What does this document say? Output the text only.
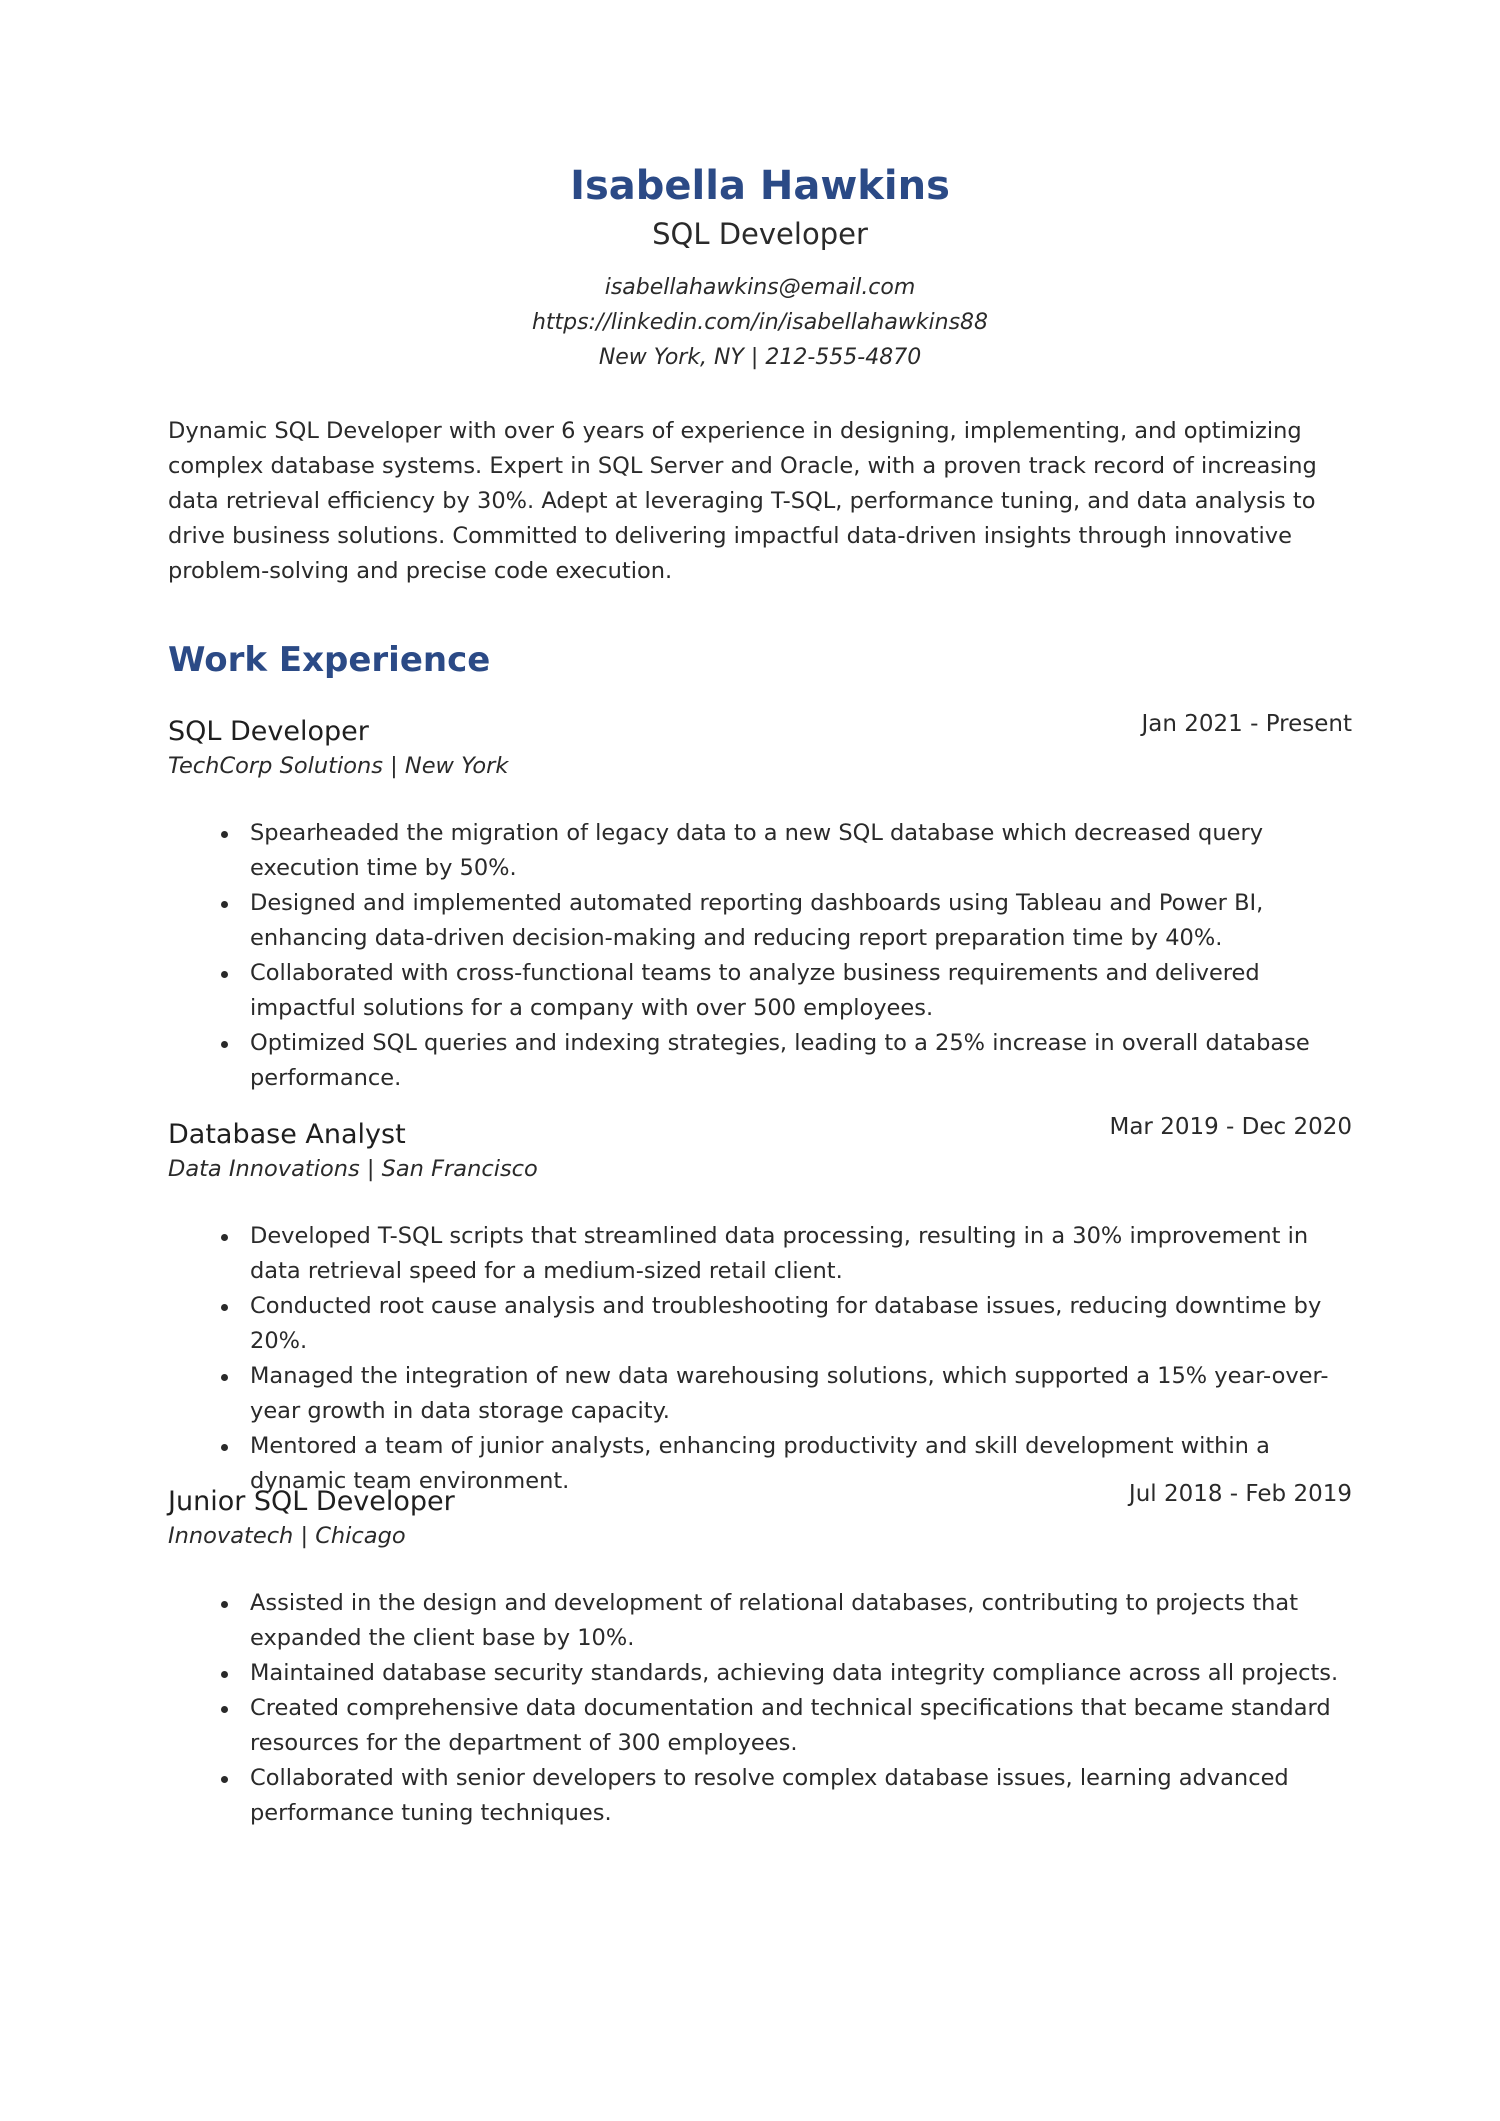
Isabella Hawkins
SQL Developer
isabellahawkins@email.com
https://linkedin.com/in/isabellahawkins88
New York, NY | 212-555-4870

Dynamic SQL Developer with over 6 years of experience in designing, implementing, and optimizing complex database systems. Expert in SQL Server and Oracle, with a proven track record of increasing data retrieval efficiency by 30%. Adept at leveraging T-SQL, performance tuning, and data analysis to drive business solutions. Committed to delivering impactful data-driven insights through innovative problem-solving and precise code execution.

Work Experience
SQL Developer	Jan 2021 - Present
TechCorp Solutions | New York
Spearheaded the migration of legacy data to a new SQL database which decreased query execution time by 50%.
Designed and implemented automated reporting dashboards using Tableau and Power BI, enhancing data-driven decision-making and reducing report preparation time by 40%.
Collaborated with cross-functional teams to analyze business requirements and delivered impactful solutions for a company with over 500 employees.
Optimized SQL queries and indexing strategies, leading to a 25% increase in overall database performance.
Database Analyst	Mar 2019 - Dec 2020
Data Innovations | San Francisco
Developed T-SQL scripts that streamlined data processing, resulting in a 30% improvement in data retrieval speed for a medium-sized retail client.
Conducted root cause analysis and troubleshooting for database issues, reducing downtime by 20%.
Managed the integration of new data warehousing solutions, which supported a 15% year-over-year growth in data storage capacity.
Mentored a team of junior analysts, enhancing productivity and skill development within a dynamic team environment.
Junior SQL Developer	Jul 2018 - Feb 2019
Innovatech | Chicago
Assisted in the design and development of relational databases, contributing to projects that expanded the client base by 10%.
Maintained database security standards, achieving data integrity compliance across all projects.
Created comprehensive data documentation and technical specifications that became standard resources for the department of 300 employees.
Collaborated with senior developers to resolve complex database issues, learning advanced performance tuning techniques.
